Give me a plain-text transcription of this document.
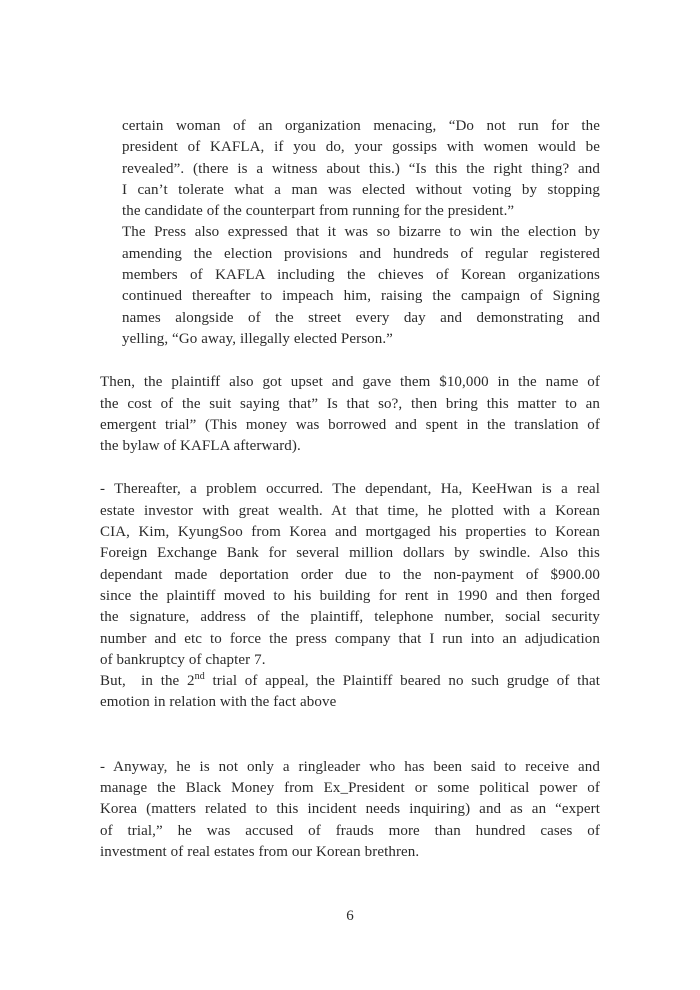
certain woman of an organization menacing, “Do not run for the
president of KAFLA, if you do, your gossips with women would be
revealed”. (there is a witness about this.) “Is this the right thing? and
I can’t tolerate what a man was elected without voting by stopping
the candidate of the counterpart from running for the president.”
The Press also expressed that it was so bizarre to win the election by
amending the election provisions and hundreds of regular registered
members of KAFLA including the chieves of Korean organizations
continued thereafter to impeach him, raising the campaign of Signing
names alongside of the street every day and demonstrating and
yelling, “Go away, illegally elected Person.”
Then, the plaintiff also got upset and gave them $10,000 in the name of
the cost of the suit saying that” Is that so?, then bring this matter to an
emergent trial” (This money was borrowed and spent in the translation of
the bylaw of KAFLA afterward).
- Thereafter, a problem occurred. The dependant, Ha, KeeHwan is a real
estate investor with great wealth. At that time, he plotted with a Korean
CIA, Kim, KyungSoo from Korea and mortgaged his properties to Korean
Foreign Exchange Bank for several million dollars by swindle. Also this
dependant made deportation order due to the non-payment of $900.00
since the plaintiff moved to his building for rent in 1990 and then forged
the signature, address of the plaintiff, telephone number, social security
number and etc to force the press company that I run into an adjudication
of bankruptcy of chapter 7.
But,  in the 2nd trial of appeal, the Plaintiff beared no such grudge of that
emotion in relation with the fact above
- Anyway, he is not only a ringleader who has been said to receive and
manage the Black Money from Ex_President or some political power of
Korea (matters related to this incident needs inquiring) and as an “expert
of trial,” he was accused of frauds more than hundred cases of
investment of real estates from our Korean brethren.
6
